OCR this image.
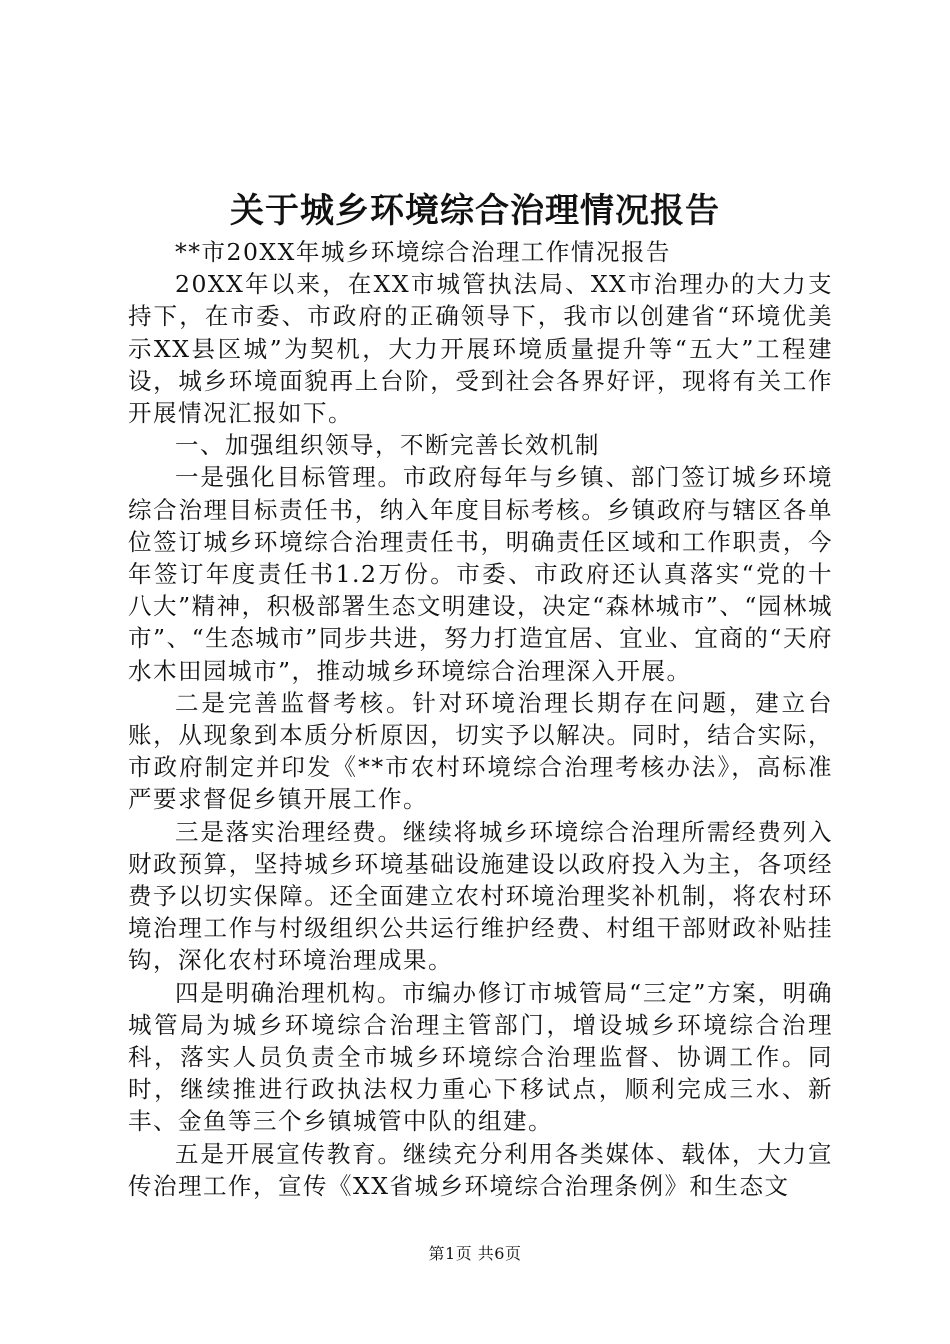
关于城乡环境综合治理情况报告

**市20XX年城乡环境综合治理工作情况报告

20XX年以来，在XX市城管执法局、XX市治理办的大力支持下，在市委、市政府的正确领导下，我市以创建省“环境优美示XX县区城”为契机，大力开展环境质量提升等“五大”工程建设，城乡环境面貌再上台阶，受到社会各界好评，现将有关工作开展情况汇报如下。

一、加强组织领导，不断完善长效机制

一是强化目标管理。市政府每年与乡镇、部门签订城乡环境综合治理目标责任书，纳入年度目标考核。乡镇政府与辖区各单位签订城乡环境综合治理责任书，明确责任区域和工作职责，今年签订年度责任书1.2万份。市委、市政府还认真落实“党的十八大”精神，积极部署生态文明建设，决定“森林城市”、“园林城市”、“生态城市”同步共进，努力打造宜居、宜业、宜商的“天府水木田园城市”，推动城乡环境综合治理深入开展。

二是完善监督考核。针对环境治理长期存在问题，建立台账，从现象到本质分析原因，切实予以解决。同时，结合实际，市政府制定并印发《**市农村环境综合治理考核办法》，高标准严要求督促乡镇开展工作。

三是落实治理经费。继续将城乡环境综合治理所需经费列入财政预算，坚持城乡环境基础设施建设以政府投入为主，各项经费予以切实保障。还全面建立农村环境治理奖补机制，将农村环境治理工作与村级组织公共运行维护经费、村组干部财政补贴挂钩，深化农村环境治理成果。

四是明确治理机构。市编办修订市城管局“三定”方案，明确城管局为城乡环境综合治理主管部门，增设城乡环境综合治理科，落实人员负责全市城乡环境综合治理监督、协调工作。同时，继续推进行政执法权力重心下移试点，顺利完成三水、新丰、金鱼等三个乡镇城管中队的组建。

五是开展宣传教育。继续充分利用各类媒体、载体，大力宣传治理工作，宣传《XX省城乡环境综合治理条例》和生态文

第1页 共6页
